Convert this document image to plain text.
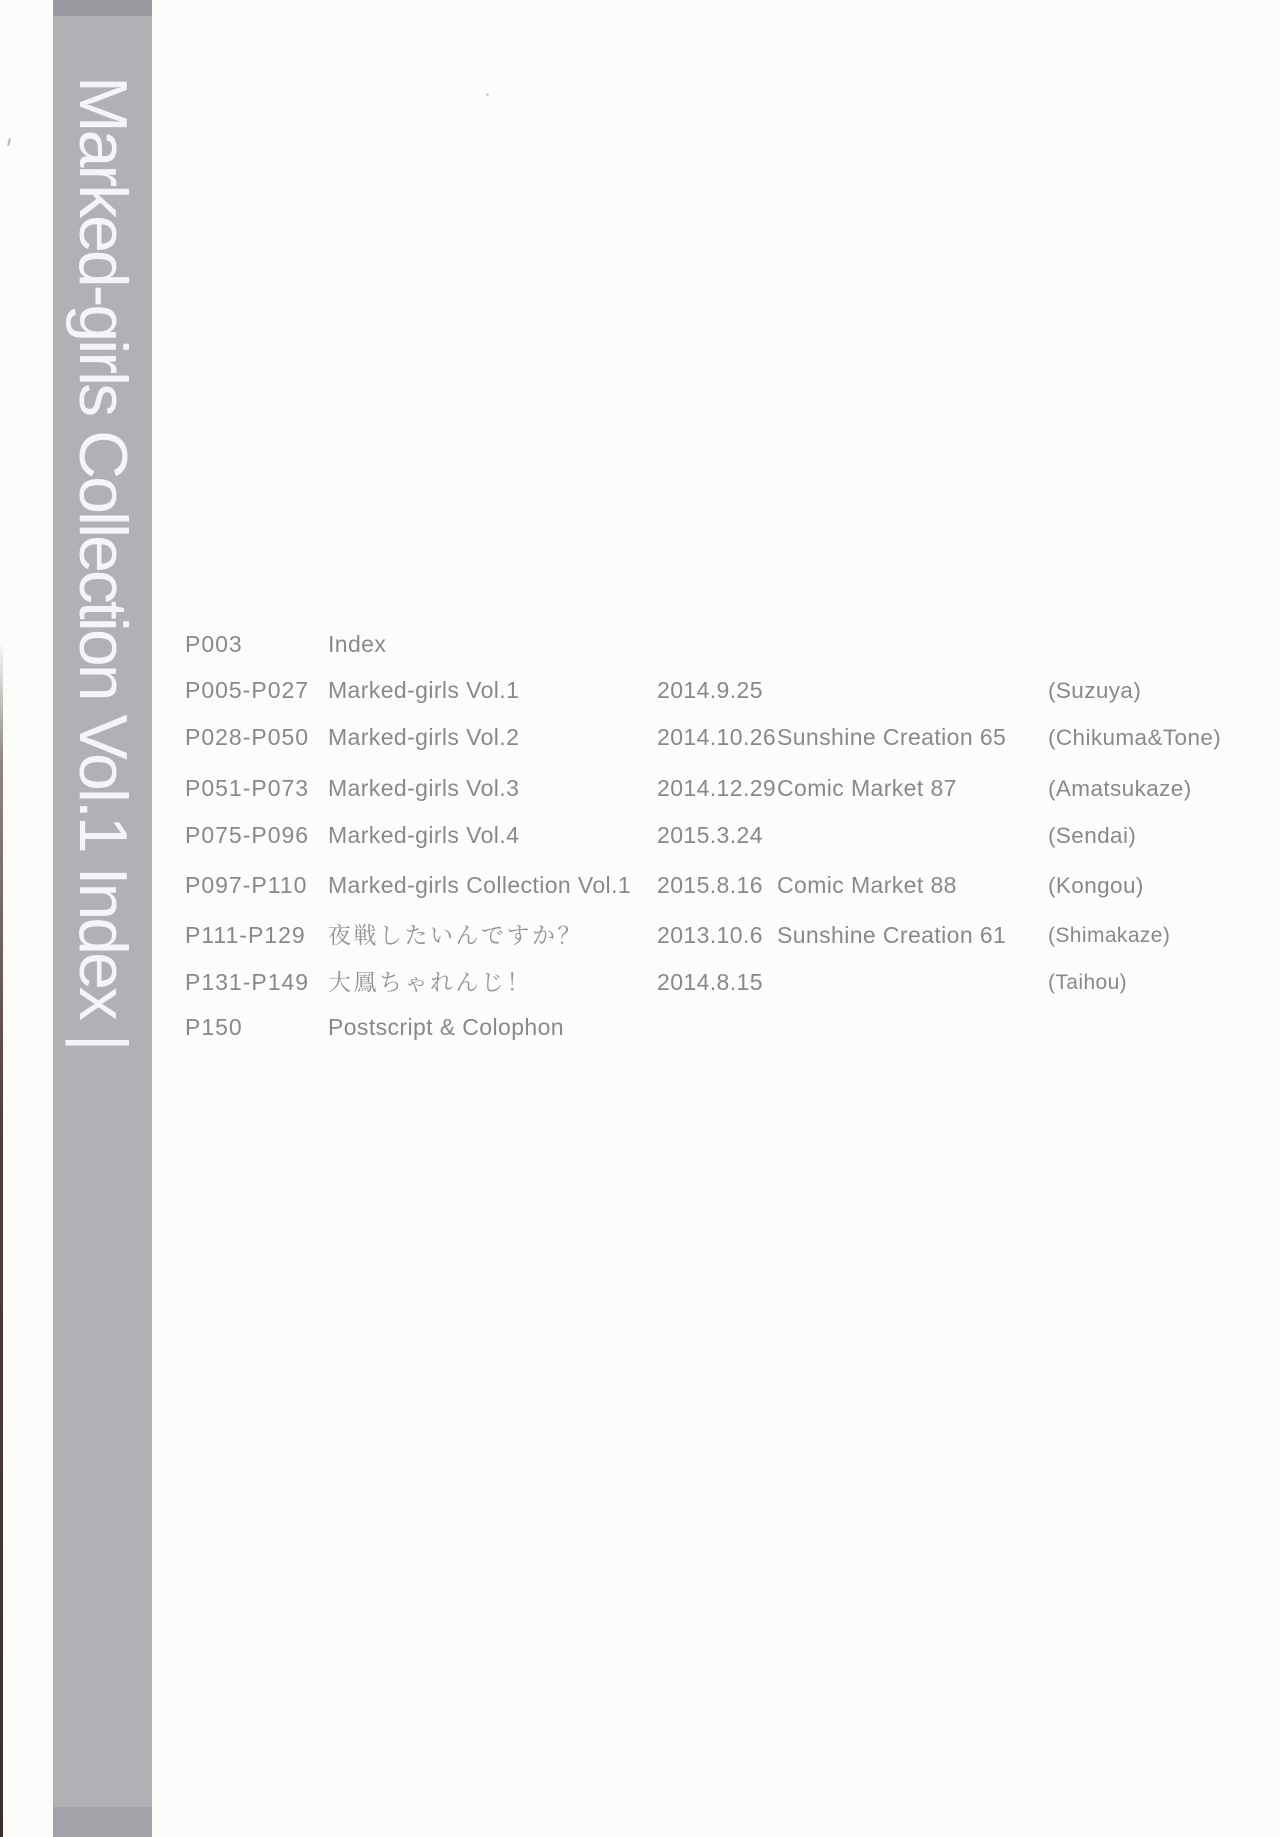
Marked-girls Collection Vol.1 Index |	P003	Index
P005-P027 Marked-girls Vol.1	2014.9.25	(Suzuya)
P028-P050 Marked-girls Vol.2	2014.10.26 Sunshine Creation 65 (Chikuma&Tone)
P051-P073 Marked-girls Vol.3	2014.12.29 Comic Market 87	(Amatsukaze)
P075-P096 Marked-girls Vol.4	2015.3.24	(Sendai)
P097-P110 Marked-girls Collection Vol.1 2015.8.16 Comic Market 88	(Kongou)
P111-P129 夜戦したいんですか？	2013.10.6 Sunshine Creation 61 (Shimakaze)
P131-P149 大鳳ちゃれんじ！	2014.8.15	(Taihou)
P150	Postscript & Colophon
